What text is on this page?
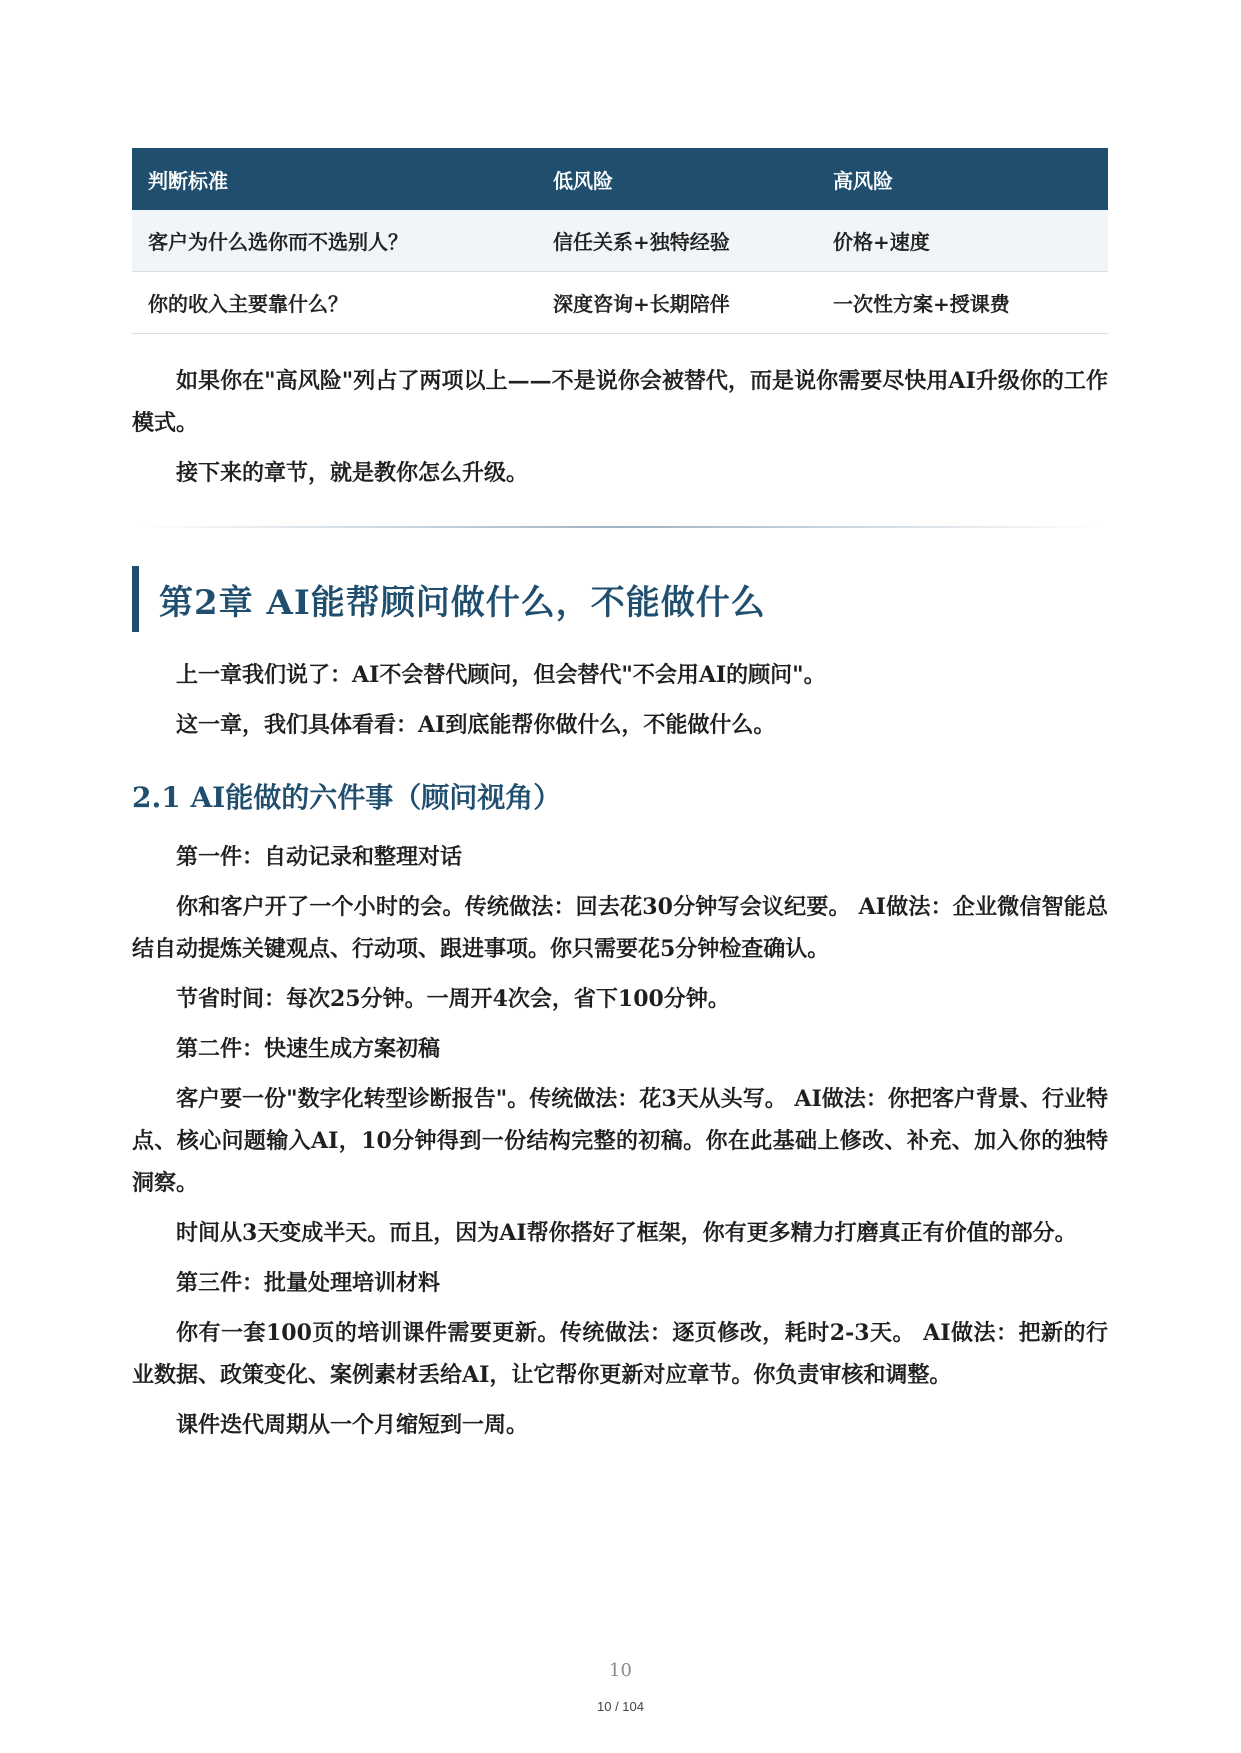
判断标准	低风险	高风险
客户为什么选你而不选别人？	信任关系+独特经验	价格+速度
你的收入主要靠什么？	深度咨询+长期陪伴	一次性方案+授课费

如果你在"高风险"列占了两项以上——不是说你会被替代，而是说你需要尽快用AI升级你的工作模式。

接下来的章节，就是教你怎么升级。

第2章 AI能帮顾问做什么，不能做什么

上一章我们说了：AI不会替代顾问，但会替代"不会用AI的顾问"。

这一章，我们具体看看：AI到底能帮你做什么，不能做什么。

2.1 AI能做的六件事（顾问视角）

第一件：自动记录和整理对话

你和客户开了一个小时的会。传统做法：回去花30分钟写会议纪要。 AI做法：企业微信智能总结自动提炼关键观点、行动项、跟进事项。你只需要花5分钟检查确认。

节省时间：每次25分钟。一周开4次会，省下100分钟。

第二件：快速生成方案初稿

客户要一份"数字化转型诊断报告"。传统做法：花3天从头写。 AI做法：你把客户背景、行业特点、核心问题输入AI，10分钟得到一份结构完整的初稿。你在此基础上修改、补充、加入你的独特洞察。

时间从3天变成半天。而且，因为AI帮你搭好了框架，你有更多精力打磨真正有价值的部分。

第三件：批量处理培训材料

你有一套100页的培训课件需要更新。传统做法：逐页修改，耗时2-3天。 AI做法：把新的行业数据、政策变化、案例素材丢给AI，让它帮你更新对应章节。你负责审核和调整。

课件迭代周期从一个月缩短到一周。

10
10 / 104
